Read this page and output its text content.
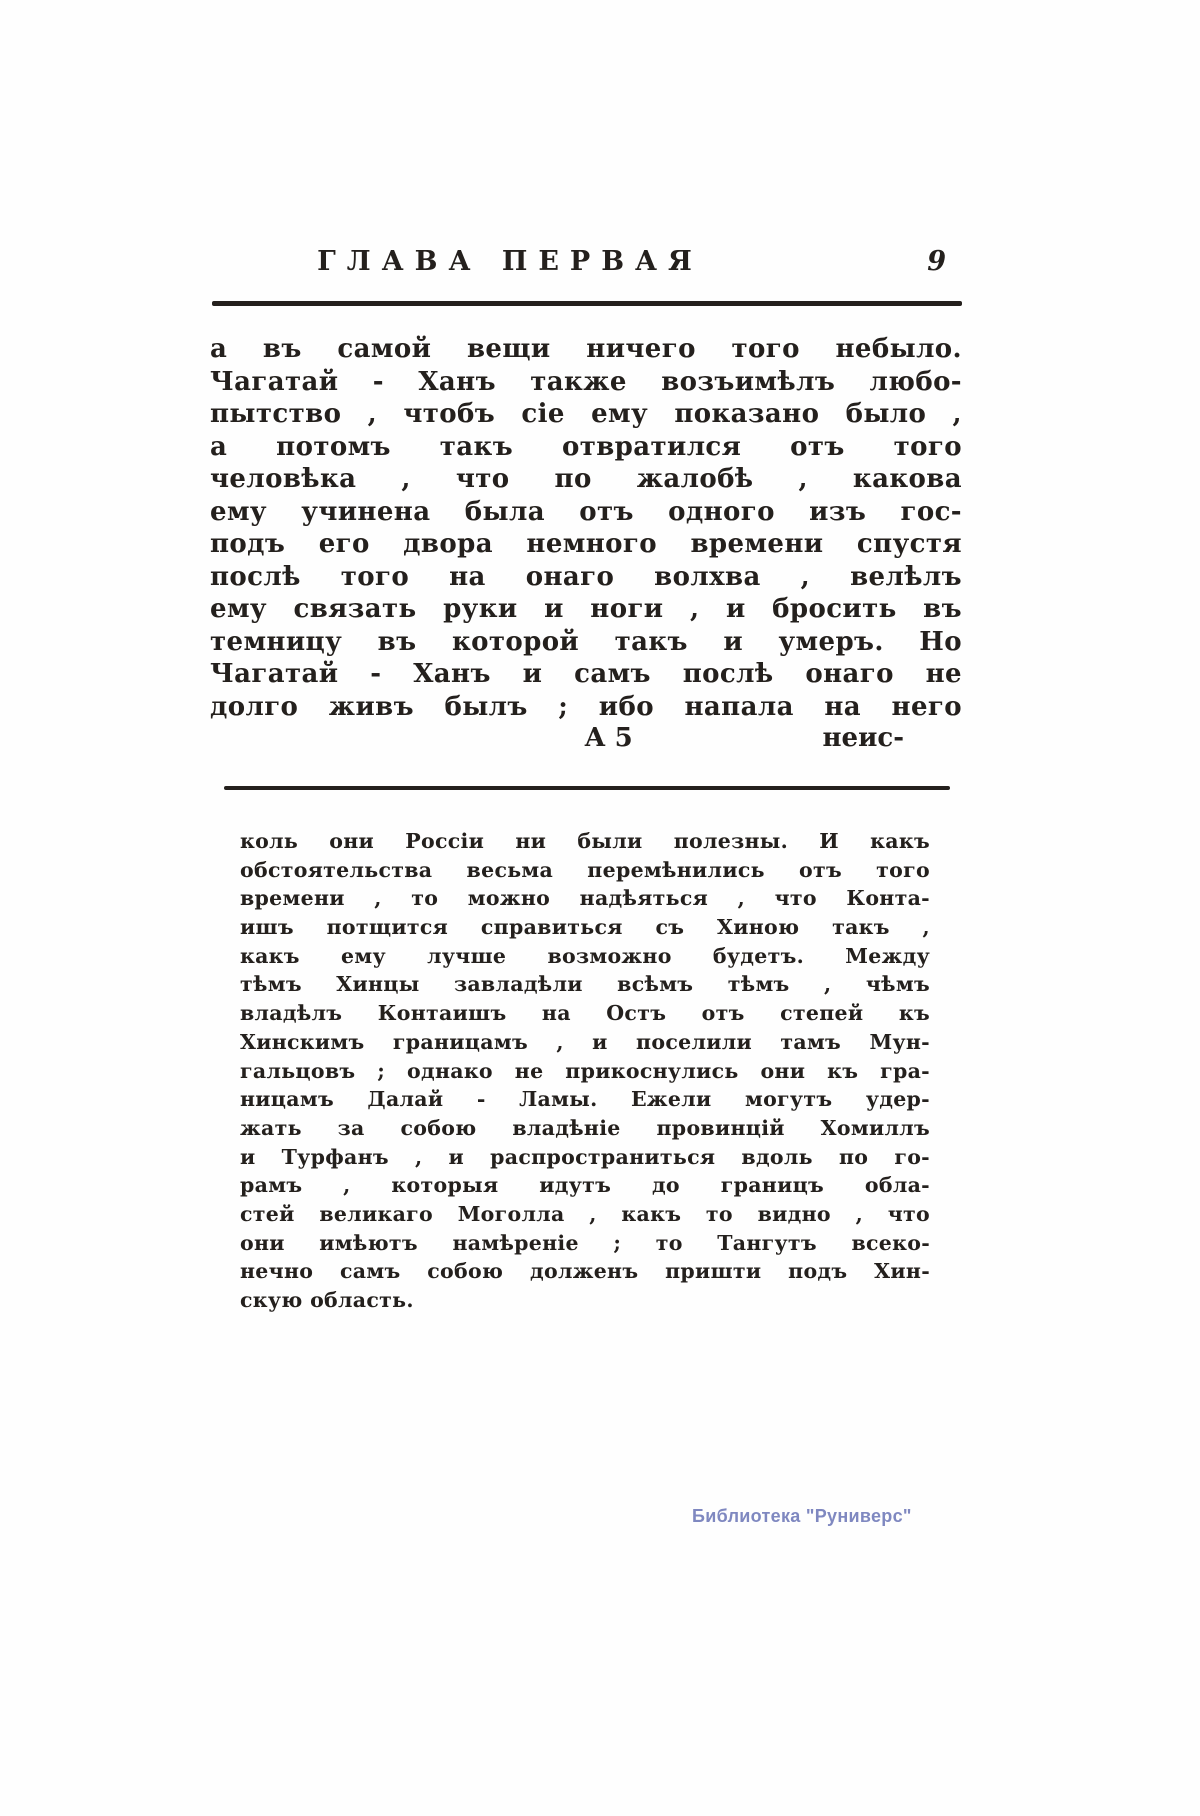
ГЛАВА ПЕРВАЯ	9
а въ самой вещи ничего того небыло.
Чагатай - Ханъ также возъимѣлъ любо-
пытство , чтобъ сіе ему показано было ,
а потомъ такъ отвратился отъ того
человѣка , что по жалобѣ , какова
ему учинена была отъ одного изъ гос-
подъ его двора немного времени спустя
послѣ того на онаго волхва , велѣлъ
ему связать руки и ноги , и бросить въ
темницу въ которой такъ и умеръ. Но
Чагатай - Ханъ и самъ послѣ онаго не
долго живъ былъ ; ибо напала на него
А 5	неис-
коль они Россіи ни были полезны. И какъ
обстоятельства весьма перемѣнились отъ того
времени , то можно надѣяться , что Конта-
ишъ потщится справиться съ Хиною такъ ,
какъ ему лучше возможно будетъ. Между
тѣмъ Хинцы завладѣли всѣмъ тѣмъ , чѣмъ
владѣлъ Контаишъ на Остъ отъ степей къ
Хинскимъ границамъ , и поселили тамъ Мун-
гальцовъ ; однако не прикоснулись они къ гра-
ницамъ Далай - Ламы. Ежели могутъ удер-
жать за собою владѣніе провинцій Хомиллъ
и Турфанъ , и распространиться вдоль по го-
рамъ , которыя идутъ до границъ обла-
стей великаго Моголла , какъ то видно , что
они имѣютъ намѣреніе ; то Тангутъ всеко-
нечно самъ собою долженъ пришти подъ Хин-
скую область.
Библиотека "Руниверс"
